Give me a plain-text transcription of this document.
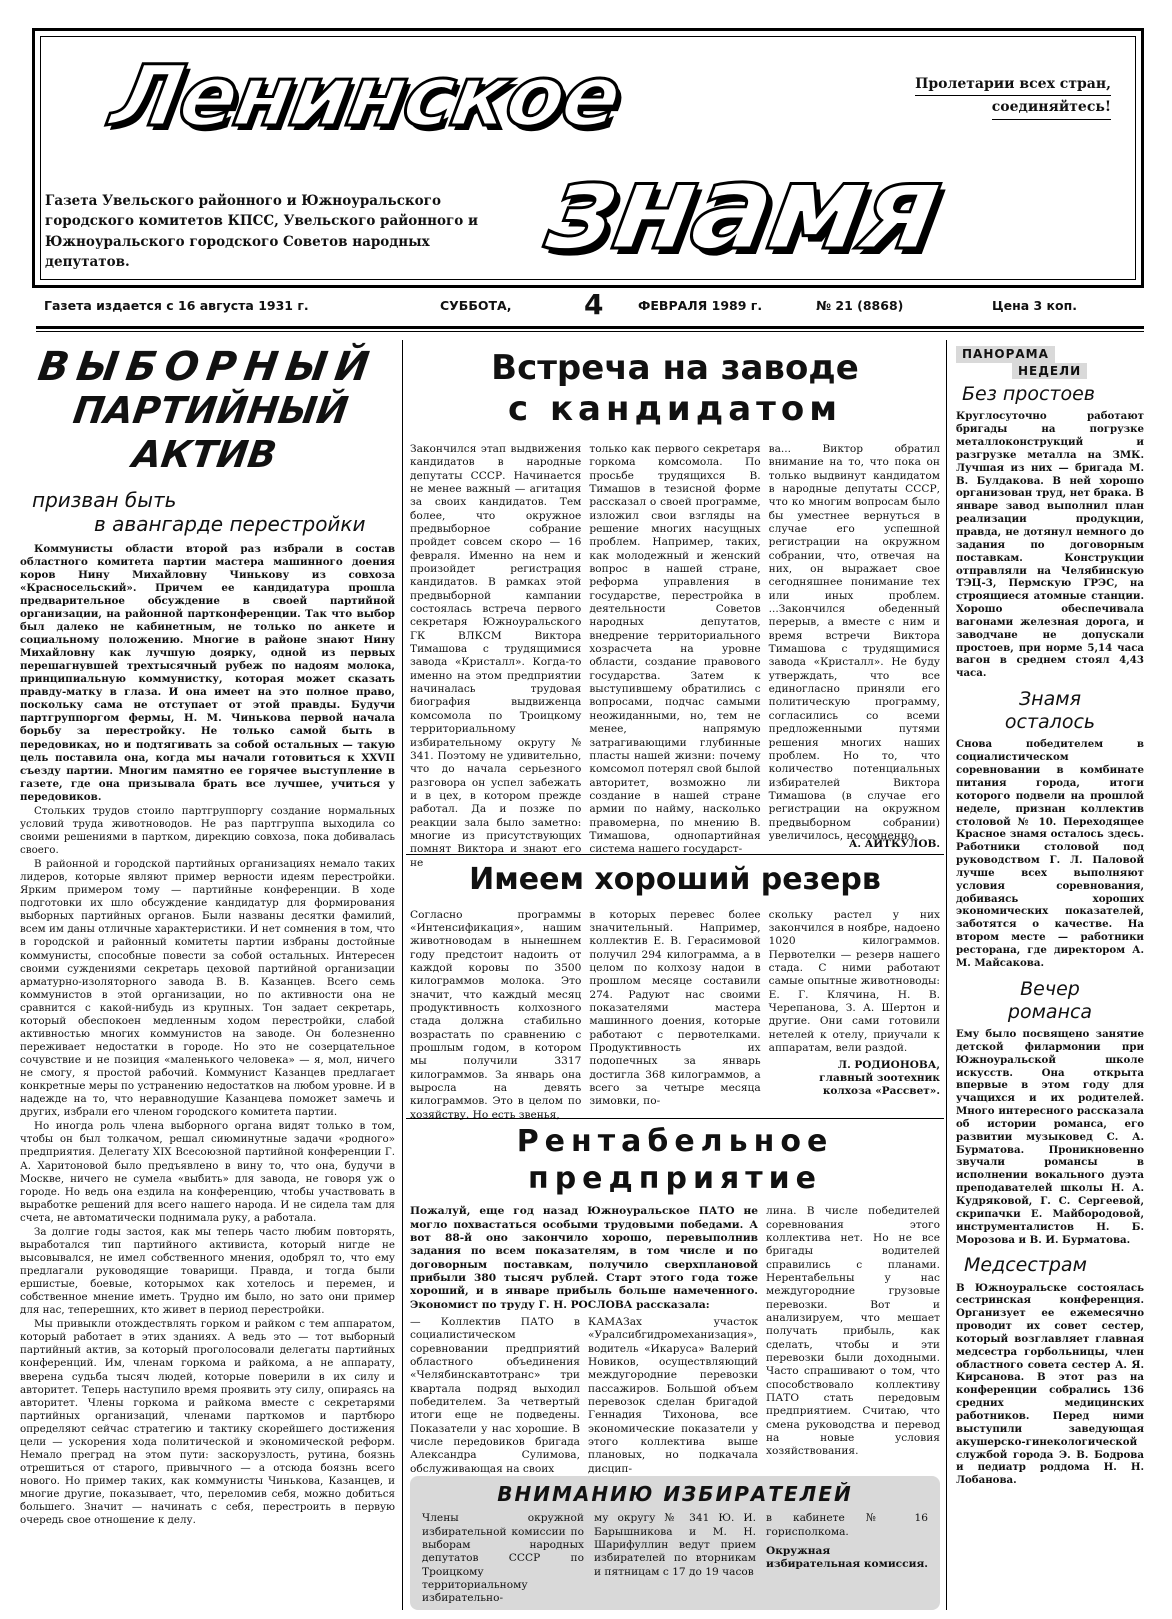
Ленинское
знамя
Пролетарии всех стран,
соединяйтесь!
Газета Увельского районного и Южноуральского городского комитетов КПСС, Увельского районного и Южноуральского городского Советов народных депутатов.
Газета издается с 16 августа 1931 г.	СУББОТА,	4	ФЕВРАЛЯ 1989 г.	№ 21 (8868)	Цена 3 коп.
ВЫБОРНЫЙ
ПАРТИЙНЫЙ АКТИВ
призван быть
в авангарде перестройки

Коммунисты области второй раз избрали в состав областного комитета партии мастера машинного доения коров Нину Михайловну Чинькову из совхоза «Красносельский». Причем ее кандидатура прошла предварительное обсуждение в своей партийной организации, на районной партконференции. Так что выбор был далеко не кабинетным, не только по анкете и социальному положению. Многие в районе знают Нину Михайловну как лучшую доярку, одной из первых перешагнувшей трехтысячный рубеж по надоям молока, принципиальную коммунистку, которая может сказать правду-матку в глаза. И она имеет на это полное право, поскольку сама не отступает от этой правды. Будучи партгруппоргом фермы, Н. М. Чинькова первой начала борьбу за перестройку. Не только самой быть в передовиках, но и подтягивать за собой остальных — такую цель поставила она, когда мы начали готовиться к XXVII съезду партии. Многим памятно ее горячее выступление в газете, где она призывала брать все лучшее, учиться у передовиков.

Стольких трудов стоило партгруппоргу создание нормальных условий труда животноводов. Не раз партгруппа выходила со своими решениями в партком, дирекцию совхоза, пока добивалась своего.

В районной и городской партийных организациях немало таких лидеров, которые являют пример верности идеям перестройки. Ярким примером тому — партийные конференции. В ходе подготовки их шло обсуждение кандидатур для формирования выборных партийных органов. Были названы десятки фамилий, всем им даны отличные характеристики. И нет сомнения в том, что в городской и районный комитеты партии избраны достойные коммунисты, способные повести за собой остальных. Интересен своими суждениями секретарь цеховой партийной организации арматурно-изоляторного завода В. В. Казанцев. Всего семь коммунистов в этой организации, но по активности она не сравнится с какой-нибудь из крупных. Тон задает секретарь, который обеспокоен медленным ходом перестройки, слабой активностью многих коммунистов на заводе. Он болезненно переживает недостатки в городе. Но это не созерцательное сочувствие и не позиция «маленького человека» — я, мол, ничего не смогу, я простой рабочий. Коммунист Казанцев предлагает конкретные меры по устранению недостатков на любом уровне. И в надежде на то, что неравнодушие Казанцева поможет замечь и других, избрали его членом городского комитета партии.

Но иногда роль члена выборного органа видят только в том, чтобы он был толкачом, решал сиюминутные задачи «родного» предприятия. Делегату XIX Всесоюзной партийной конференции Г. А. Харитоновой было предъявлено в вину то, что она, будучи в Москве, ничего не сумела «выбить» для завода, не говоря уж о городе. Но ведь она ездила на конференцию, чтобы участвовать в выработке решений для всего нашего народа. И не сидела там для счета, не автоматически поднимала руку, а работала.

За долгие годы застоя, как мы теперь часто любим повторять, выработался тип партийного активиста, который нигде не высовывался, не имел собственного мнения, одобрял то, что ему предлагали руководящие товарищи. Правда, и тогда были ершистые, боевые, которымох как хотелось и перемен, и собственное мнение иметь. Трудно им было, но зато они пример для нас, теперешних, кто живет в период перестройки.

Мы привыкли отождествлять горком и райком с тем аппаратом, который работает в этих зданиях. А ведь это — тот выборный партийный актив, за который проголосовали делегаты партийных конференций. Им, членам горкома и райкома, а не аппарату, вверена судьба тысяч людей, которые поверили в их силу и авторитет. Теперь наступило время проявить эту силу, опираясь на авторитет. Члены горкома и райкома вместе с секретарями партийных организаций, членами парткомов и партбюро определяют сейчас стратегию и тактику скорейшего достижения цели — ускорения хода политической и экономической реформ. Немало преград на этом пути: заскорузлость, рутина, боязнь отрешиться от старого, привычного — а отсюда боязнь всего нового. Но пример таких, как коммунисты Чинькова, Казанцев, и многие другие, показывает, что, переломив себя, можно добиться большего. Значит — начинать с себя, перестроить в первую очередь свое отношение к делу.

Встреча на заводе
с кандидатом
Закончился этап выдвижения кандидатов в народные депутаты СССР. Начинается не менее важный — агитация за своих кандидатов. Тем более, что окружное предвыборное собрание пройдет совсем скоро — 16 февраля. Именно на нем и произойдет регистрация кандидатов. В рамках этой предвыборной кампании состоялась встреча первого секретаря Южноуральского ГК ВЛКСМ Виктора Тимашова с трудящимися завода «Кристалл». Когда-то именно на этом предприятии начиналась трудовая биография выдвиженца комсомола по Троицкому территориальному избирательному округу № 341. Поэтому не удивительно, что до начала серьезного разговора он успел забежать и в цех, в котором прежде работал. Да и позже по реакции зала было заметно: многие из присутствующих помнят Виктора и знают его не
только как первого секретаря горкома комсомола. По просьбе трудящихся В. Тимашов в тезисной форме рассказал о своей программе, изложил свои взгляды на решение многих насущных проблем. Например, таких, как молодежный и женский вопрос в нашей стране, реформа управления в государстве, перестройка в деятельности Советов народных депутатов, внедрение территориального хозрасчета на уровне области, создание правового государства. Затем к выступившему обратились с вопросами, подчас самыми неожиданными, но, тем не менее, напрямую затрагивающими глубинные пласты нашей жизни: почему комсомол потерял свой былой авторитет, возможно ли создание в нашей стране армии по найму, насколько правомерна, по мнению В. Тимашова, однопартийная система нашего государст-
ва... Виктор обратил внимание на то, что пока он только выдвинут кандидатом в народные депутаты СССР, что ко многим вопросам было бы уместнее вернуться в случае его успешной регистрации на окружном собрании, что, отвечая на них, он выражает свое сегодняшнее понимание тех или иных проблем. ...Закончился обеденный перерыв, а вместе с ним и время встречи Виктора Тимашова с трудящимися завода «Кристалл». Не буду утверждать, что все единогласно приняли его политическую программу, согласились со всеми предложенными путями решения многих наших проблем. Но то, что количество потенциальных избирателей Виктора Тимашова (в случае его регистрации на окружном предвыборном собрании) увеличилось, несомненно.
А. АИТКУЛОВ.
Имеем хороший резерв
Согласно программы «Интенсификация», нашим животноводам в нынешнем году предстоит надоить от каждой коровы по 3500 килограммов молока. Это значит, что каждый месяц продуктивность колхозного стада должна стабильно возрастать по сравнению с прошлым годом, в котором мы получили 3317 килограммов. За январь она выросла на девять килограммов. Это в целом по хозяйству. Но есть звенья,
в которых перевес более значительный. Например, коллектив Е. В. Герасимовой получил 294 килограмма, а в целом по колхозу надои в прошлом месяце составили 274. Радуют нас своими показателями мастера машинного доения, которые работают с первотелками. Продуктивность их подопечных за январь достигла 368 килограммов, а всего за четыре месяца зимовки, по-
скольку растел у них закончился в ноябре, надоено 1020 килограммов. Первотелки — резерв нашего стада. С ними работают самые опытные животноводы: Е. Г. Клячина, Н. В. Черепанова, З. А. Шертон и другие. Они сами готовили нетелей к отелу, приучали к аппаратам, вели раздой.
Л. РОДИОНОВА,
главный зоотехник колхоза «Рассвет».
Рентабельное
предприятие
Пожалуй, еще год назад Южноуральское ПАТО не могло похвастаться особыми трудовыми победами. А вот 88-й оно закончило хорошо, перевыполнив задания по всем показателям, в том числе и по договорным поставкам, получило сверхплановой прибыли 380 тысяч рублей. Старт этого года тоже хороший, и в январе прибыль больше намеченного. Экономист по труду Г. Н. РОСЛОВА рассказала:
— Коллектив ПАТО в социалистическом соревновании предприятий областного объединения «Челябинскавтотранс» три квартала подряд выходил победителем. За четвертый итоги еще не подведены. Показатели у нас хорошие. В числе передовиков бригада Александра Сулимова, обслуживающая на своих
КАМАЗах участок «Уралсибгидромеханизация», водитель «Икаруса» Валерий Новиков, осуществляющий междугородние перевозки пассажиров. Большой объем перевозок сделан бригадой Геннадия Тихонова, все экономические показатели у этого коллектива выше плановых, но подкачала дисцип-
лина. В числе победителей соревнования этого коллектива нет. Но не все бригады водителей справились с планами. Нерентабельны у нас междугородние грузовые перевозки. Вот и анализируем, что мешает получать прибыль, как сделать, чтобы и эти перевозки были доходными. Часто спрашивают о том, что способствовало коллективу ПАТО стать передовым предприятием. Считаю, что смена руководства и перевод на новые условия хозяйствования.
ВНИМАНИЮ ИЗБИРАТЕЛЕЙ
Члены окружной избирательной комиссии по выборам народных депутатов СССР по Троицкому территориальному избирательно-
му округу № 341 Ю. И. Барышникова и М. Н. Шарифуллин ведут прием избирателей по вторникам и пятницам с 17 до 19 часов
в кабинете № 16 горисполкома.
Окружная избирательная комиссия.
ПАНОРАМА
НЕДЕЛИ
Без простоев
Круглосуточно работают бригады на погрузке металлоконструкций и разгрузке металла на ЗМК. Лучшая из них — бригада М. В. Булдакова. В ней хорошо организован труд, нет брака. В январе завод выполнил план реализации продукции, правда, не дотянул немного до задания по договорным поставкам. Конструкции отправляли на Челябинскую ТЭЦ-3, Пермскую ГРЭС, на строящиеся атомные станции. Хорошо обеспечивала вагонами железная дорога, и заводчане не допускали простоев, при норме 5,14 часа вагон в среднем стоял 4,43 часа.
Знамя
осталось
Снова победителем в социалистическом соревновании в комбинате питания города, итоги которого подвели на прошлой неделе, признан коллектив столовой № 10. Переходящее Красное знамя осталось здесь. Работники столовой под руководством Г. Л. Паловой лучше всех выполняют условия соревнования, добиваясь хороших экономических показателей, заботятся о качестве. На втором месте — работники ресторана, где директором А. М. Майсакова.
Вечер
романса
Ему было посвящено занятие детской филармонии при Южноуральской школе искусств. Она открыта впервые в этом году для учащихся и их родителей. Много интересного рассказала об истории романса, его развитии музыковед С. А. Бурматова. Проникновенно звучали романсы в исполнении вокального дуэта преподавателей школы Н. А. Кудряковой, Г. С. Сергеевой, скрипачки Е. Майбородовой, инструменталистов Н. Б. Морозова и В. И. Бурматова.
Медсестрам
В Южноуральске состоялась сестринская конференция. Организует ее ежемесячно проводит их совет сестер, который возглавляет главная медсестра горбольницы, член областного совета сестер А. Я. Кирсанова. В этот раз на конференции собрались 136 средних медицинских работников. Перед ними выступили заведующая акушерско-гинекологической службой города Э. В. Бодрова и педиатр роддома Н. Н. Лобанова.
